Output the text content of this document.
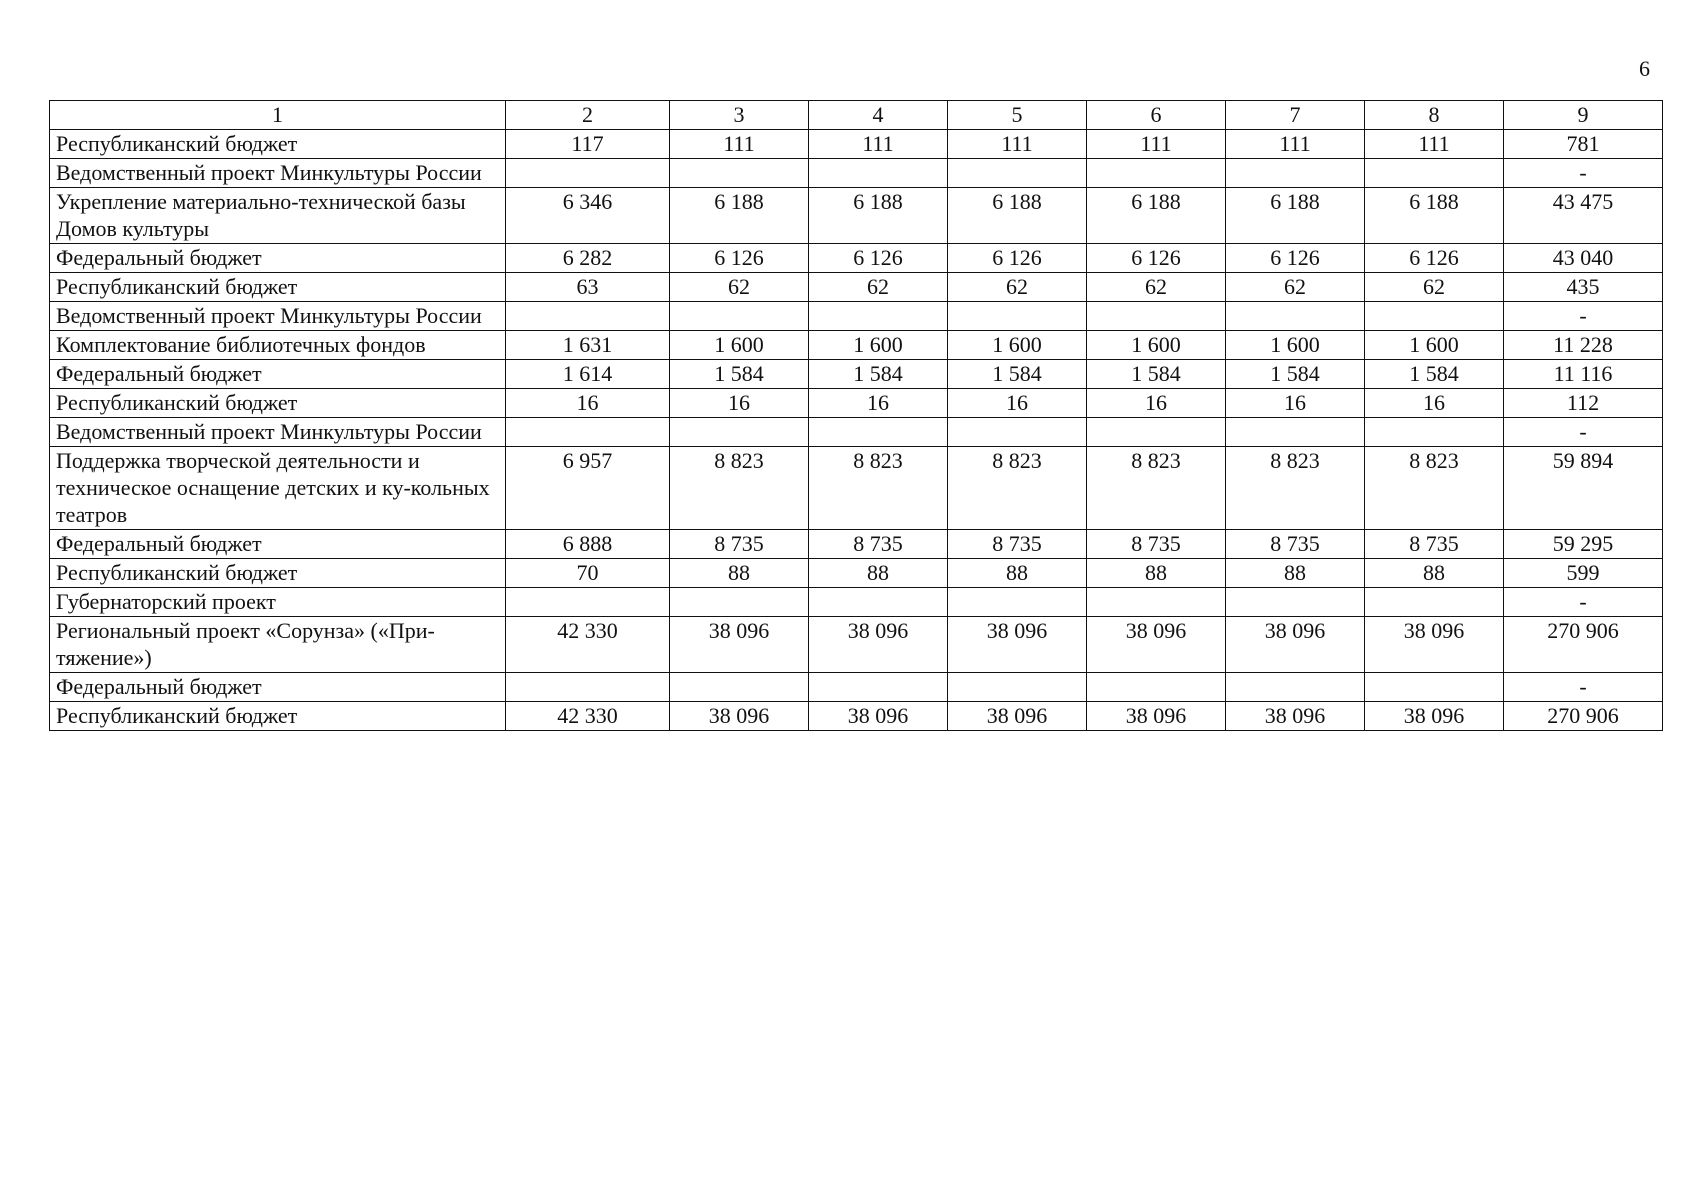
6
1	2	3	4	5	6	7	8	9
Республиканский бюджет	117	111	111	111	111	111	111	781
Ведомственный проект Минкультуры России								-
Укрепление материально-технической базы Домов культуры	6 346	6 188	6 188	6 188	6 188	6 188	6 188	43 475
Федеральный бюджет	6 282	6 126	6 126	6 126	6 126	6 126	6 126	43 040
Республиканский бюджет	63	62	62	62	62	62	62	435
Ведомственный проект Минкультуры России								-
Комплектование библиотечных фондов	1 631	1 600	1 600	1 600	1 600	1 600	1 600	11 228
Федеральный бюджет	1 614	1 584	1 584	1 584	1 584	1 584	1 584	11 116
Республиканский бюджет	16	16	16	16	16	16	16	112
Ведомственный проект Минкультуры России								-
Поддержка творческой деятельности и техническое оснащение детских и ку-кольных театров	6 957	8 823	8 823	8 823	8 823	8 823	8 823	59 894
Федеральный бюджет	6 888	8 735	8 735	8 735	8 735	8 735	8 735	59 295
Республиканский бюджет	70	88	88	88	88	88	88	599
Губернаторский проект								-
Региональный проект «Сорунза» («При-тяжение»)	42 330	38 096	38 096	38 096	38 096	38 096	38 096	270 906
Федеральный бюджет								-
Республиканский бюджет	42 330	38 096	38 096	38 096	38 096	38 096	38 096	270 906
